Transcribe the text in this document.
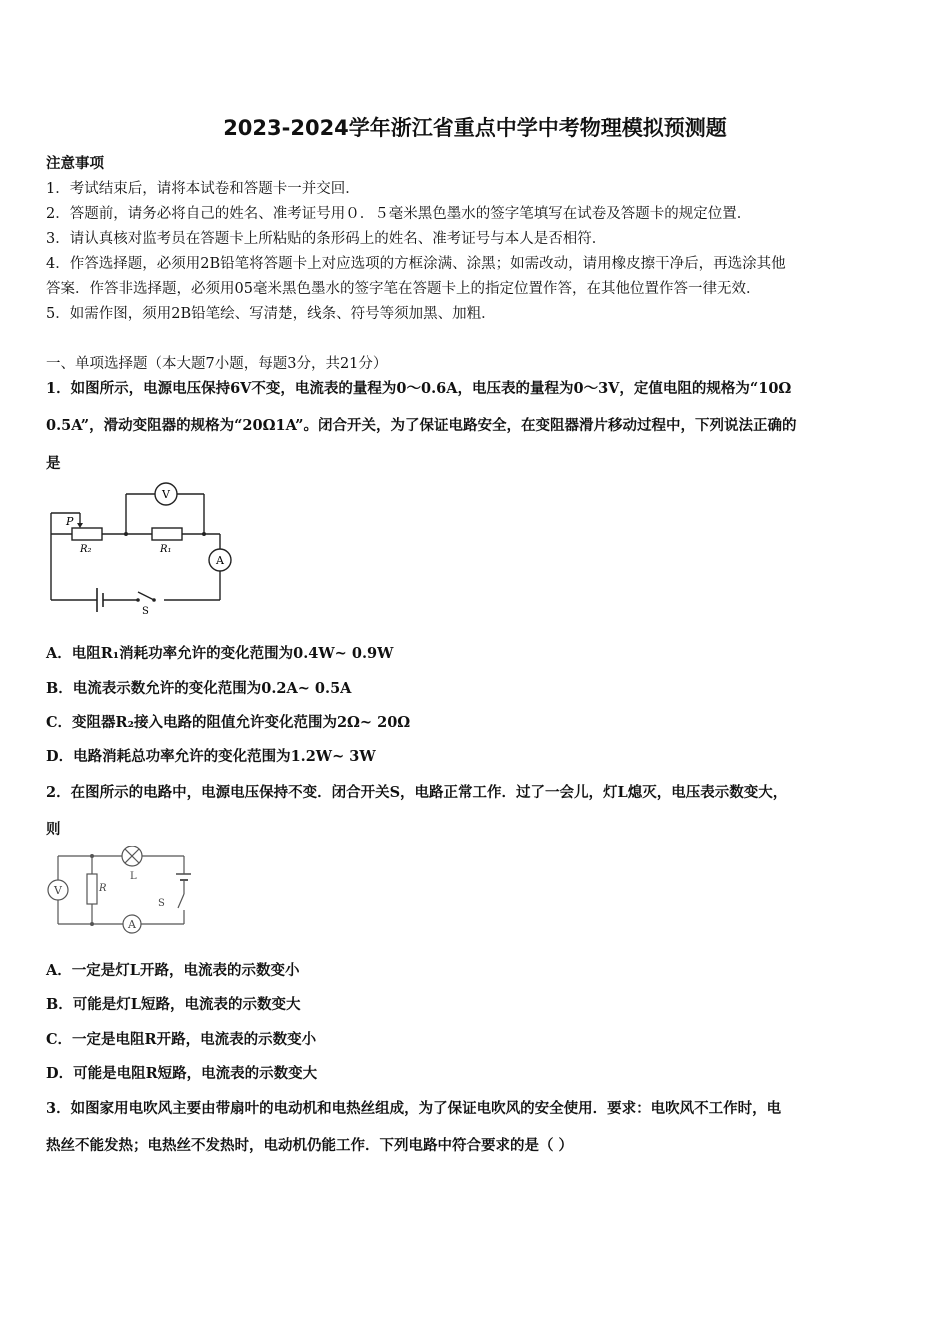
2023-2024学年浙江省重点中学中考物理模拟预测题
注意事项
1．考试结束后，请将本试卷和答题卡一并交回．
2．答题前，请务必将自己的姓名、准考证号用０．５毫米黑色墨水的签字笔填写在试卷及答题卡的规定位置．
3．请认真核对监考员在答题卡上所粘贴的条形码上的姓名、准考证号与本人是否相符．
4．作答选择题，必须用2B铅笔将答题卡上对应选项的方框涂满、涂黑；如需改动，请用橡皮擦干净后，再选涂其他
答案．作答非选择题，必须用05毫米黑色墨水的签字笔在答题卡上的指定位置作答，在其他位置作答一律无效．
5．如需作图，须用2B铅笔绘、写清楚，线条、符号等须加黑、加粗．
一、单项选择题（本大题7小题，每题3分，共21分）
1．如图所示，电源电压保持6V不变，电流表的量程为0～0.6A，电压表的量程为0～3V，定值电阻的规格为“10Ω
0.5A”，滑动变阻器的规格为“20Ω1A”。闭合开关，为了保证电路安全，在变阻器滑片移动过程中，下列说法正确的
是
V
A
P
R₂	R₁
S
A．电阻R₁消耗功率允许的变化范围为0.4W~ 0.9W
B．电流表示数允许的变化范围为0.2A~ 0.5A
C．变阻器R₂接入电路的阻值允许变化范围为2Ω~ 20Ω
D．电路消耗总功率允许的变化范围为1.2W~ 3W
2．在图所示的电路中，电源电压保持不变．闭合开关S，电路正常工作．过了一会儿，灯L熄灭，电压表示数变大，
则
V	R
L
A
S
A．一定是灯L开路，电流表的示数变小
B．可能是灯L短路，电流表的示数变大
C．一定是电阻R开路，电流表的示数变小
D．可能是电阻R短路，电流表的示数变大
3．如图家用电吹风主要由带扇叶的电动机和电热丝组成，为了保证电吹风的安全使用．要求：电吹风不工作时，电
热丝不能发热；电热丝不发热时，电动机仍能工作．下列电路中符合要求的是（ ）
